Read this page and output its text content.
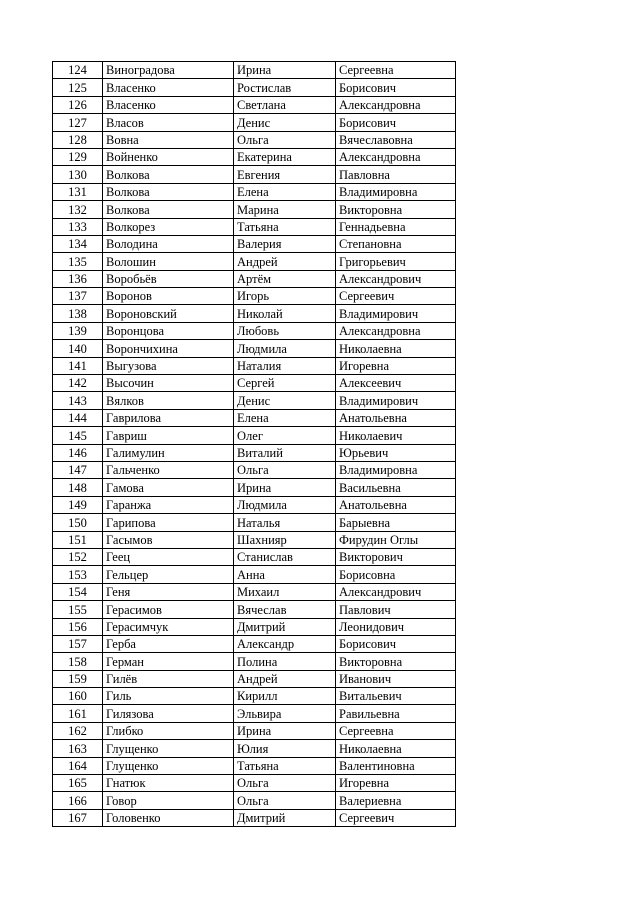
124	Виноградова	Ирина	Сергеевна
125	Власенко	Ростислав	Борисович
126	Власенко	Светлана	Александровна
127	Власов	Денис	Борисович
128	Вовна	Ольга	Вячеславовна
129	Войненко	Екатерина	Александровна
130	Волкова	Евгения	Павловна
131	Волкова	Елена	Владимировна
132	Волкова	Марина	Викторовна
133	Волкорез	Татьяна	Геннадьевна
134	Володина	Валерия	Степановна
135	Волошин	Андрей	Григорьевич
136	Воробьёв	Артём	Александрович
137	Воронов	Игорь	Сергеевич
138	Вороновский	Николай	Владимирович
139	Воронцова	Любовь	Александровна
140	Ворончихина	Людмила	Николаевна
141	Выгузова	Наталия	Игоревна
142	Высочин	Сергей	Алексеевич
143	Вялков	Денис	Владимирович
144	Гаврилова	Елена	Анатольевна
145	Гавриш	Олег	Николаевич
146	Галимулин	Виталий	Юрьевич
147	Гальченко	Ольга	Владимировна
148	Гамова	Ирина	Васильевна
149	Гаранжа	Людмила	Анатольевна
150	Гарипова	Наталья	Барыевна
151	Гасымов	Шахнияр	Фирудин Оглы
152	Геец	Станислав	Викторович
153	Гельцер	Анна	Борисовна
154	Геня	Михаил	Александрович
155	Герасимов	Вячеслав	Павлович
156	Герасимчук	Дмитрий	Леонидович
157	Герба	Александр	Борисович
158	Герман	Полина	Викторовна
159	Гилёв	Андрей	Иванович
160	Гиль	Кирилл	Витальевич
161	Гилязова	Эльвира	Равильевна
162	Глибко	Ирина	Сергеевна
163	Глущенко	Юлия	Николаевна
164	Глущенко	Татьяна	Валентиновна
165	Гнатюк	Ольга	Игоревна
166	Говор	Ольга	Валериевна
167	Головенко	Дмитрий	Сергеевич
